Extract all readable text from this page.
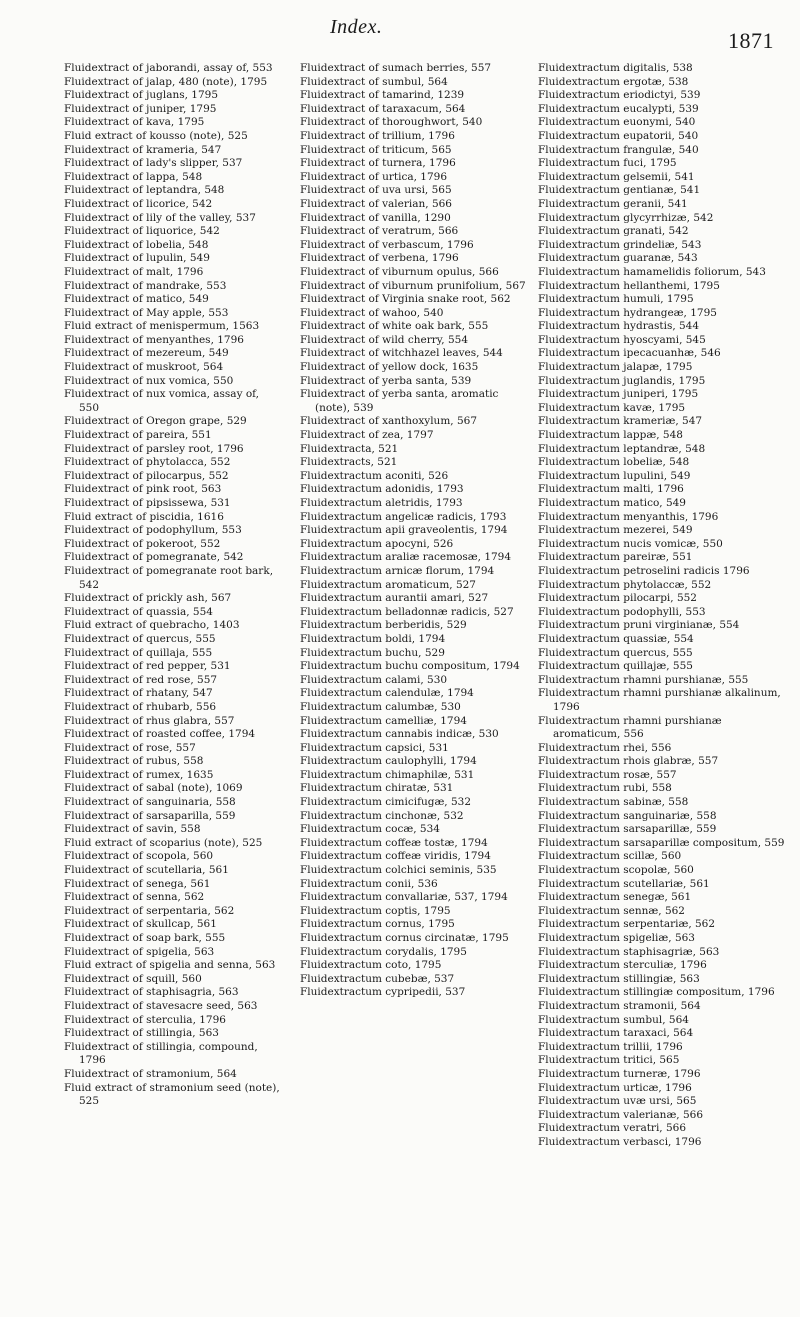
Index.
1871
Fluidextract of jaborandi, assay of, 553
Fluidextract of jalap, 480 (note), 1795
Fluidextract of juglans, 1795
Fluidextract of juniper, 1795
Fluidextract of kava, 1795
Fluid extract of kousso (note), 525
Fluidextract of krameria, 547
Fluidextract of lady's slipper, 537
Fluidextract of lappa, 548
Fluidextract of leptandra, 548
Fluidextract of licorice, 542
Fluidextract of lily of the valley, 537
Fluidextract of liquorice, 542
Fluidextract of lobelia, 548
Fluidextract of lupulin, 549
Fluidextract of malt, 1796
Fluidextract of mandrake, 553
Fluidextract of matico, 549
Fluidextract of May apple, 553
Fluid extract of menispermum, 1563
Fluidextract of menyanthes, 1796
Fluidextract of mezereum, 549
Fluidextract of muskroot, 564
Fluidextract of nux vomica, 550
Fluidextract of nux vomica, assay of, 550
Fluidextract of Oregon grape, 529
Fluidextract of pareira, 551
Fluidextract of parsley root, 1796
Fluidextract of phytolacca, 552
Fluidextract of pilocarpus, 552
Fluidextract of pink root, 563
Fluidextract of pipsissewa, 531
Fluid extract of piscidia, 1616
Fluidextract of podophyllum, 553
Fluidextract of pokeroot, 552
Fluidextract of pomegranate, 542
Fluidextract of pomegranate root bark, 542
Fluidextract of prickly ash, 567
Fluidextract of quassia, 554
Fluid extract of quebracho, 1403
Fluidextract of quercus, 555
Fluidextract of quillaja, 555
Fluidextract of red pepper, 531
Fluidextract of red rose, 557
Fluidextract of rhatany, 547
Fluidextract of rhubarb, 556
Fluidextract of rhus glabra, 557
Fluidextract of roasted coffee, 1794
Fluidextract of rose, 557
Fluidextract of rubus, 558
Fluidextract of rumex, 1635
Fluidextract of sabal (note), 1069
Fluidextract of sanguinaria, 558
Fluidextract of sarsaparilla, 559
Fluidextract of savin, 558
Fluid extract of scoparius (note), 525
Fluidextract of scopola, 560
Fluidextract of scutellaria, 561
Fluidextract of senega, 561
Fluidextract of senna, 562
Fluidextract of serpentaria, 562
Fluidextract of skullcap, 561
Fluidextract of soap bark, 555
Fluidextract of spigelia, 563
Fluid extract of spigelia and senna, 563
Fluidextract of squill, 560
Fluidextract of staphisagria, 563
Fluidextract of stavesacre seed, 563
Fluidextract of sterculia, 1796
Fluidextract of stillingia, 563
Fluidextract of stillingia, compound, 1796
Fluidextract of stramonium, 564
Fluid extract of stramonium seed (note), 525
Fluidextract of sumach berries, 557
Fluidextract of sumbul, 564
Fluidextract of tamarind, 1239
Fluidextract of taraxacum, 564
Fluidextract of thoroughwort, 540
Fluidextract of trillium, 1796
Fluidextract of triticum, 565
Fluidextract of turnera, 1796
Fluidextract of urtica, 1796
Fluidextract of uva ursi, 565
Fluidextract of valerian, 566
Fluidextract of vanilla, 1290
Fluidextract of veratrum, 566
Fluidextract of verbascum, 1796
Fluidextract of verbena, 1796
Fluidextract of viburnum opulus, 566
Fluidextract of viburnum prunifolium, 567
Fluidextract of Virginia snake root, 562
Fluidextract of wahoo, 540
Fluidextract of white oak bark, 555
Fluidextract of wild cherry, 554
Fluidextract of witchhazel leaves, 544
Fluidextract of yellow dock, 1635
Fluidextract of yerba santa, 539
Fluidextract of yerba santa, aromatic (note), 539
Fluidextract of xanthoxylum, 567
Fluidextract of zea, 1797
Fluidextracta, 521
Fluidextracts, 521
Fluidextractum aconiti, 526
Fluidextractum adonidis, 1793
Fluidextractum aletridis, 1793
Fluidextractum angelicæ radicis, 1793
Fluidextractum apii graveolentis, 1794
Fluidextractum apocyni, 526
Fluidextractum araliæ racemosæ, 1794
Fluidextractum arnicæ florum, 1794
Fluidextractum aromaticum, 527
Fluidextractum aurantii amari, 527
Fluidextractum belladonnæ radicis, 527
Fluidextractum berberidis, 529
Fluidextractum boldi, 1794
Fluidextractum buchu, 529
Fluidextractum buchu compositum, 1794
Fluidextractum calami, 530
Fluidextractum calendulæ, 1794
Fluidextractum calumbæ, 530
Fluidextractum camelliæ, 1794
Fluidextractum cannabis indicæ, 530
Fluidextractum capsici, 531
Fluidextractum caulophylli, 1794
Fluidextractum chimaphilæ, 531
Fluidextractum chiratæ, 531
Fluidextractum cimicifugæ, 532
Fluidextractum cinchonæ, 532
Fluidextractum cocæ, 534
Fluidextractum coffeæ tostæ, 1794
Fluidextractum coffeæ viridis, 1794
Fluidextractum colchici seminis, 535
Fluidextractum conii, 536
Fluidextractum convallariæ, 537, 1794
Fluidextractum coptis, 1795
Fluidextractum cornus, 1795
Fluidextractum cornus circinatæ, 1795
Fluidextractum corydalis, 1795
Fluidextractum coto, 1795
Fluidextractum cubebæ, 537
Fluidextractum cypripedii, 537
Fluidextractum digitalis, 538
Fluidextractum ergotæ, 538
Fluidextractum eriodictyi, 539
Fluidextractum eucalypti, 539
Fluidextractum euonymi, 540
Fluidextractum eupatorii, 540
Fluidextractum frangulæ, 540
Fluidextractum fuci, 1795
Fluidextractum gelsemii, 541
Fluidextractum gentianæ, 541
Fluidextractum geranii, 541
Fluidextractum glycyrrhizæ, 542
Fluidextractum granati, 542
Fluidextractum grindeliæ, 543
Fluidextractum guaranæ, 543
Fluidextractum hamamelidis foliorum, 543
Fluidextractum hellanthemi, 1795
Fluidextractum humuli, 1795
Fluidextractum hydrangeæ, 1795
Fluidextractum hydrastis, 544
Fluidextractum hyoscyami, 545
Fluidextractum ipecacuanhæ, 546
Fluidextractum jalapæ, 1795
Fluidextractum juglandis, 1795
Fluidextractum juniperi, 1795
Fluidextractum kavæ, 1795
Fluidextractum krameriæ, 547
Fluidextractum lappæ, 548
Fluidextractum leptandræ, 548
Fluidextractum lobeliæ, 548
Fluidextractum lupulini, 549
Fluidextractum malti, 1796
Fluidextractum matico, 549
Fluidextractum menyanthis, 1796
Fluidextractum mezerei, 549
Fluidextractum nucis vomicæ, 550
Fluidextractum pareiræ, 551
Fluidextractum petroselini radicis 1796
Fluidextractum phytolaccæ, 552
Fluidextractum pilocarpi, 552
Fluidextractum podophylli, 553
Fluidextractum pruni virginianæ, 554
Fluidextractum quassiæ, 554
Fluidextractum quercus, 555
Fluidextractum quillajæ, 555
Fluidextractum rhamni purshianæ, 555
Fluidextractum rhamni purshianæ alkalinum, 1796
Fluidextractum rhamni purshianæ aromaticum, 556
Fluidextractum rhei, 556
Fluidextractum rhois glabræ, 557
Fluidextractum rosæ, 557
Fluidextractum rubi, 558
Fluidextractum sabinæ, 558
Fluidextractum sanguinariæ, 558
Fluidextractum sarsaparillæ, 559
Fluidextractum sarsaparillæ compositum, 559
Fluidextractum scillæ, 560
Fluidextractum scopolæ, 560
Fluidextractum scutellariæ, 561
Fluidextractum senegæ, 561
Fluidextractum sennæ, 562
Fluidextractum serpentariæ, 562
Fluidextractum spigeliæ, 563
Fluidextractum staphisagriæ, 563
Fluidextractum sterculiæ, 1796
Fluidextractum stillingiæ, 563
Fluidextractum stillingiæ compositum, 1796
Fluidextractum stramonii, 564
Fluidextractum sumbul, 564
Fluidextractum taraxaci, 564
Fluidextractum trillii, 1796
Fluidextractum tritici, 565
Fluidextractum turneræ, 1796
Fluidextractum urticæ, 1796
Fluidextractum uvæ ursi, 565
Fluidextractum valerianæ, 566
Fluidextractum veratri, 566
Fluidextractum verbasci, 1796
